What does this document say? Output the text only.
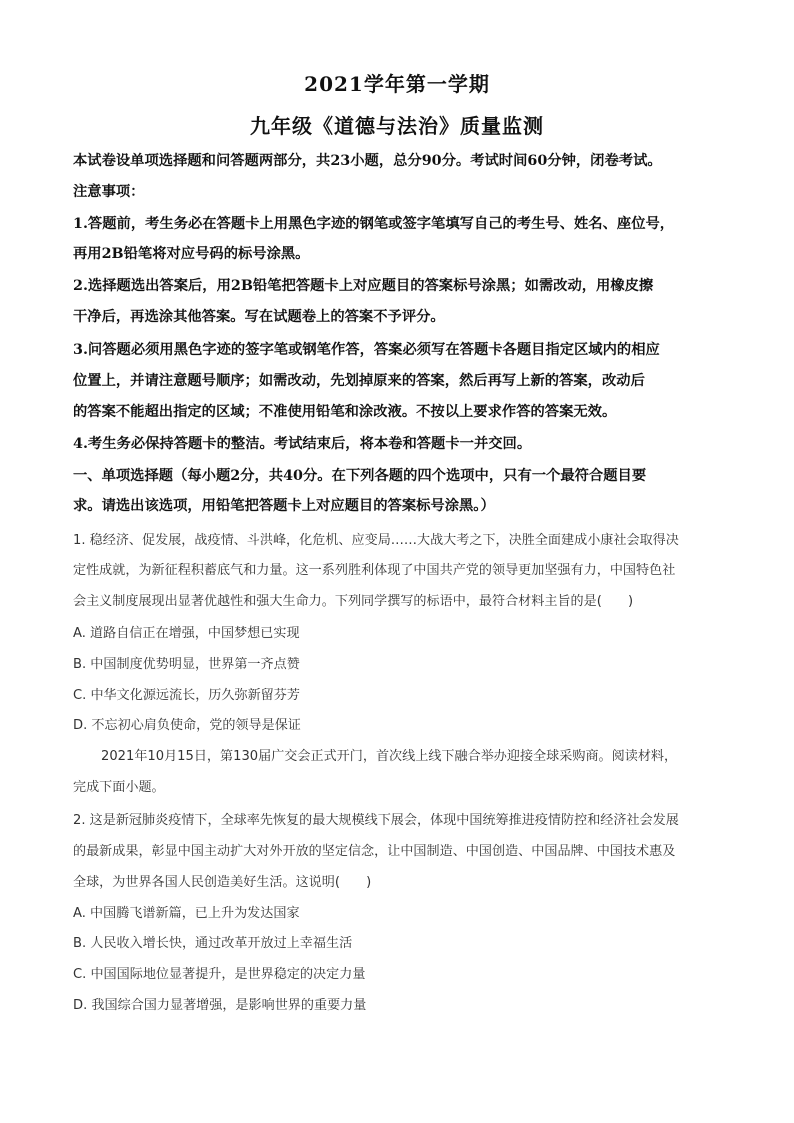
2021学年第一学期
九年级《道德与法治》质量监测
本试卷设单项选择题和问答题两部分，共23小题，总分90分。考试时间60分钟，闭卷考试。
注意事项：
1.答题前，考生务必在答题卡上用黑色字迹的钢笔或签字笔填写自己的考生号、姓名、座位号，
再用2B铅笔将对应号码的标号涂黑。
2.选择题选出答案后，用2B铅笔把答题卡上对应题目的答案标号涂黑；如需改动，用橡皮擦
干净后，再选涂其他答案。写在试题卷上的答案不予评分。
3.问答题必须用黑色字迹的签字笔或钢笔作答，答案必须写在答题卡各题目指定区域内的相应
位置上，并请注意题号顺序；如需改动，先划掉原来的答案，然后再写上新的答案，改动后
的答案不能超出指定的区域；不准使用铅笔和涂改液。不按以上要求作答的答案无效。
4.考生务必保持答题卡的整洁。考试结束后，将本卷和答题卡一并交回。
一、单项选择题（每小题2分，共40分。在下列各题的四个选项中，只有一个最符合题目要
求。请选出该选项，用铅笔把答题卡上对应题目的答案标号涂黑。）
1. 稳经济、促发展，战疫情、斗洪峰，化危机、应变局……大战大考之下，决胜全面建成小康社会取得决
定性成就，为新征程积蓄底气和力量。这一系列胜利体现了中国共产党的领导更加坚强有力，中国特色社
会主义制度展现出显著优越性和强大生命力。下列同学撰写的标语中，最符合材料主旨的是(　　)
A. 道路自信正在增强，中国梦想已实现
B. 中国制度优势明显，世界第一齐点赞
C. 中华文化源远流长，历久弥新留芬芳
D. 不忘初心肩负使命，党的领导是保证
2021年10月15日，第130届广交会正式开门，首次线上线下融合举办迎接全球采购商。阅读材料，
完成下面小题。
2. 这是新冠肺炎疫情下，全球率先恢复的最大规模线下展会，体现中国统筹推进疫情防控和经济社会发展
的最新成果，彰显中国主动扩大对外开放的坚定信念，让中国制造、中国创造、中国品牌、中国技术惠及
全球，为世界各国人民创造美好生活。这说明(　　)
A. 中国腾飞谱新篇，已上升为发达国家
B. 人民收入增长快，通过改革开放过上幸福生活
C. 中国国际地位显著提升，是世界稳定的决定力量
D. 我国综合国力显著增强，是影响世界的重要力量
